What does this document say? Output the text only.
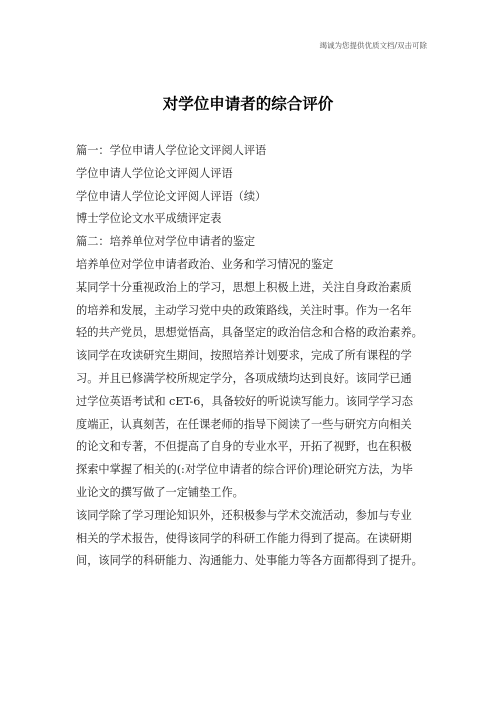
竭诚为您提供优质文档/双击可除
对学位申请者的综合评价
篇一：学位申请人学位论文评阅人评语
学位申请人学位论文评阅人评语
学位申请人学位论文评阅人评语（续）
博士学位论文水平成绩评定表
篇二：培养单位对学位申请者的鉴定
培养单位对学位申请者政治、业务和学习情况的鉴定
某同学十分重视政治上的学习，思想上积极上进，关注自身政治素质
的培养和发展，主动学习党中央的政策路线，关注时事。作为一名年
轻的共产党员，思想觉悟高，具备坚定的政治信念和合格的政治素养。
该同学在攻读研究生期间，按照培养计划要求，完成了所有课程的学
习。并且已修满学校所规定学分，各项成绩均达到良好。该同学已通
过学位英语考试和 cET-6，具备较好的听说读写能力。该同学学习态
度端正，认真刻苦，在任课老师的指导下阅读了一些与研究方向相关
的论文和专著，不但提高了自身的专业水平，开拓了视野，也在积极
探索中掌握了相关的(:对学位申请者的综合评价)理论研究方法，为毕
业论文的撰写做了一定铺垫工作。
该同学除了学习理论知识外，还积极参与学术交流活动，参加与专业
相关的学术报告，使得该同学的科研工作能力得到了提高。在读研期
间，该同学的科研能力、沟通能力、处事能力等各方面都得到了提升。
